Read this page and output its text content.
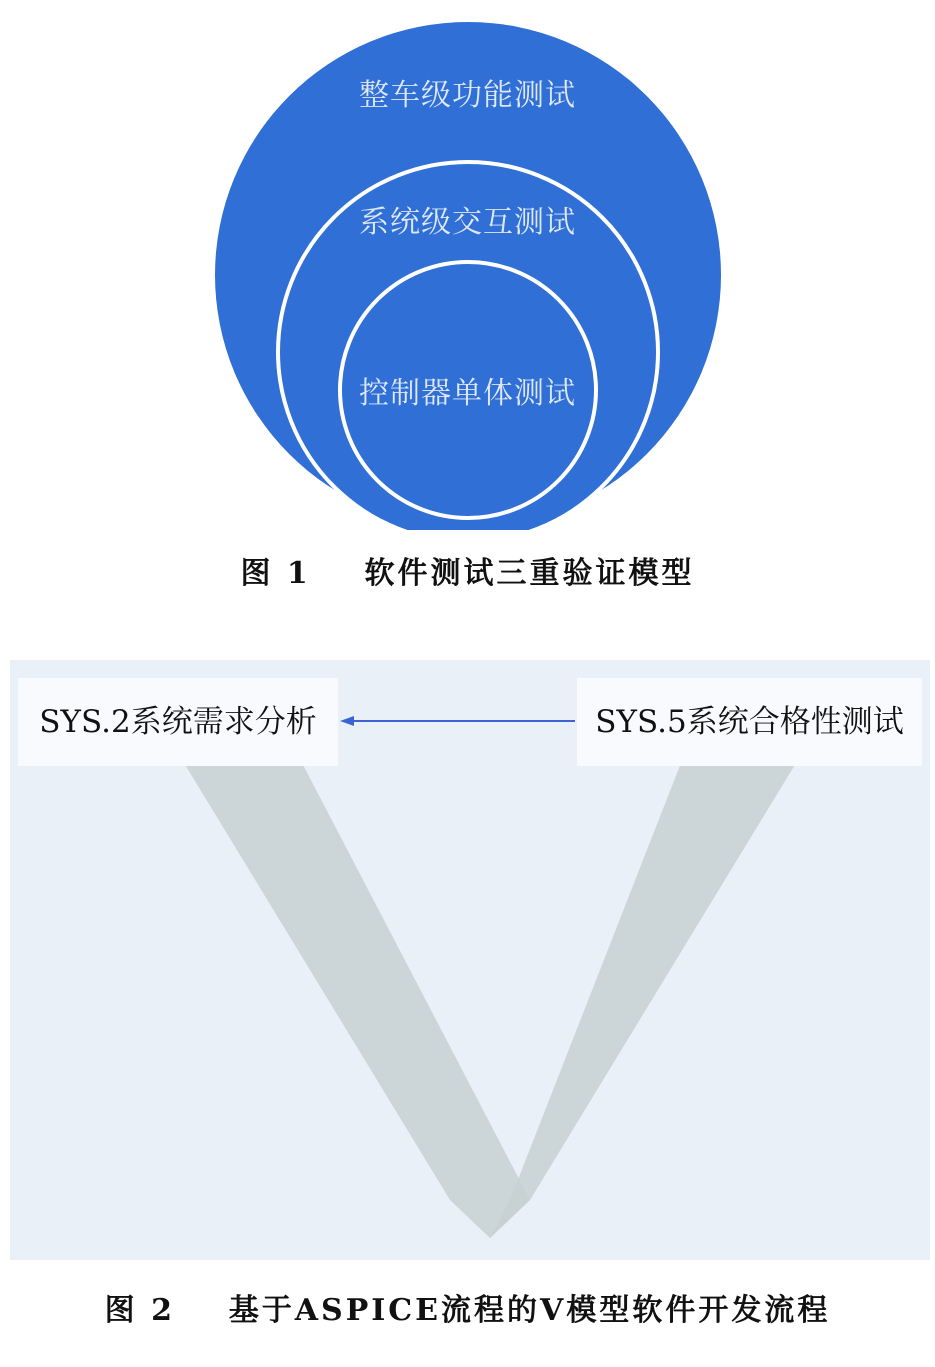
整车级功能测试
系统级交互测试
控制器单体测试
图 1 软件测试三重验证模型
SYS.2系统需求分析	SYS.5系统合格性测试
图 2 基于ASPICE流程的V模型软件开发流程
